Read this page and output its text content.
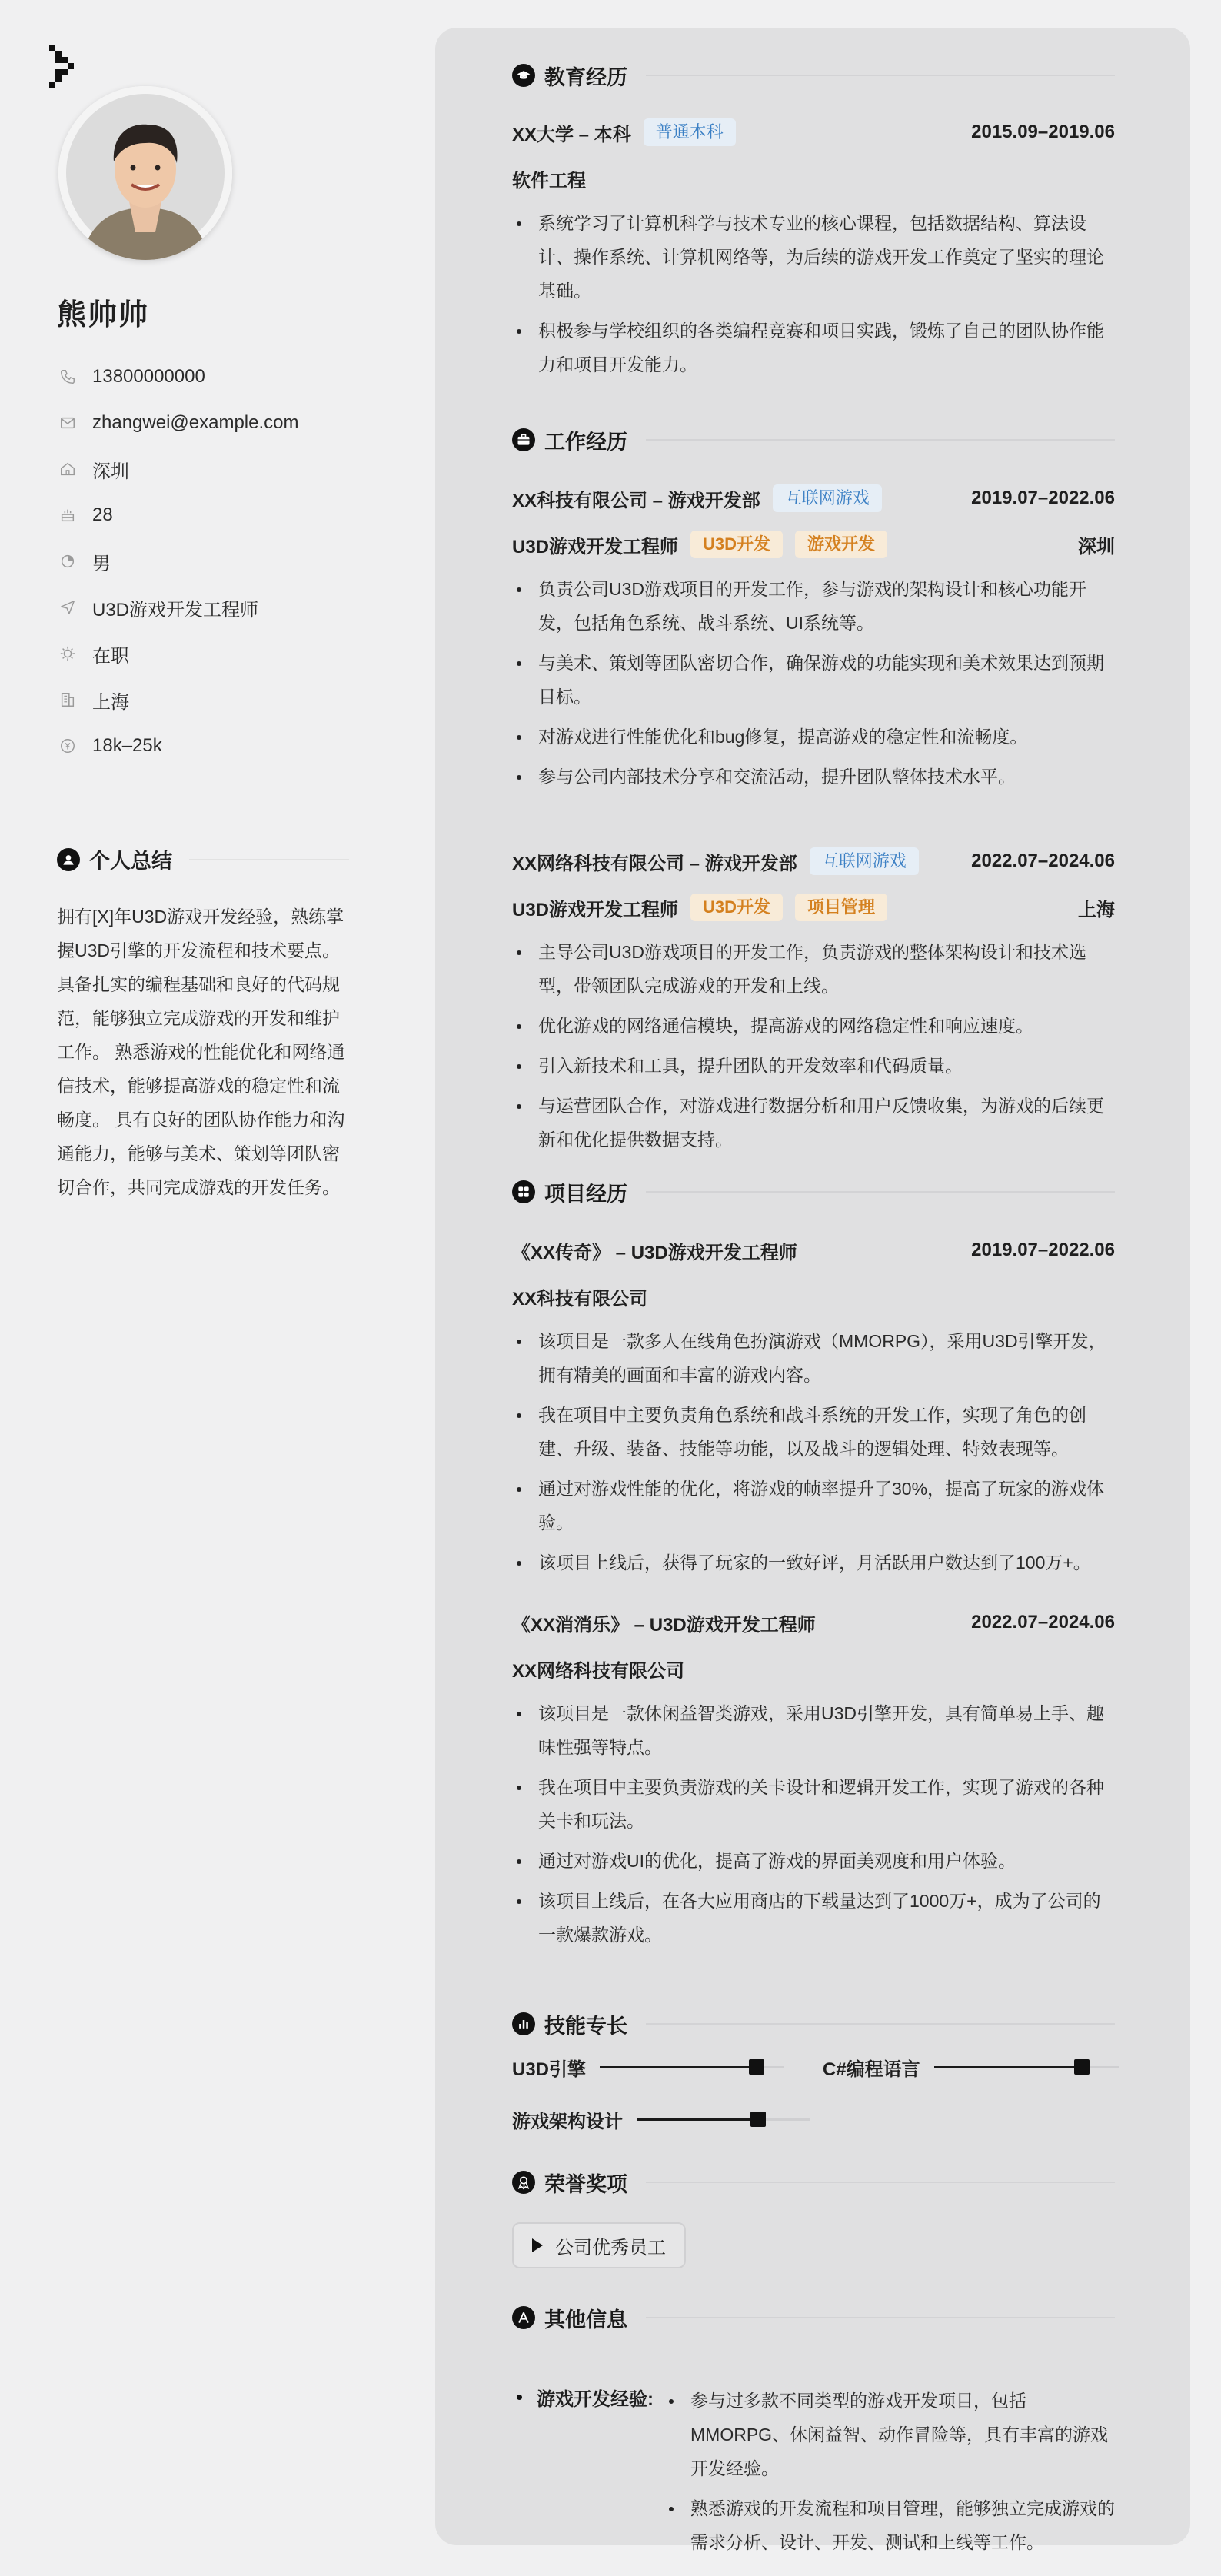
熊帅帅
13800000000
zhangwei@example.com
深圳
28
男
U3D游戏开发工程师
在职
上海
18k–25k
个人总结
拥有[X]年U3D游戏开发经验，熟练掌握U3D引擎的开发流程和技术要点。 具备扎实的编程基础和良好的代码规范，能够独立完成游戏的开发和维护工作。 熟悉游戏的性能优化和网络通信技术，能够提高游戏的稳定性和流畅度。 具有良好的团队协作能力和沟通能力，能够与美术、策划等团队密切合作，共同完成游戏的开发任务。
教育经历
XX大学 – 本科	普通本科	2015.09–2019.06
软件工程
系统学习了计算机科学与技术专业的核心课程，包括数据结构、算法设计、操作系统、计算机网络等，为后续的游戏开发工作奠定了坚实的理论基础。
积极参与学校组织的各类编程竞赛和项目实践，锻炼了自己的团队协作能力和项目开发能力。
工作经历
XX科技有限公司 – 游戏开发部	互联网游戏	2019.07–2022.06
U3D游戏开发工程师	U3D开发	游戏开发	深圳
负责公司U3D游戏项目的开发工作，参与游戏的架构设计和核心功能开发，包括角色系统、战斗系统、UI系统等。
与美术、策划等团队密切合作，确保游戏的功能实现和美术效果达到预期目标。
对游戏进行性能优化和bug修复，提高游戏的稳定性和流畅度。
参与公司内部技术分享和交流活动，提升团队整体技术水平。
XX网络科技有限公司 – 游戏开发部	互联网游戏	2022.07–2024.06
U3D游戏开发工程师	U3D开发	项目管理	上海
主导公司U3D游戏项目的开发工作，负责游戏的整体架构设计和技术选型，带领团队完成游戏的开发和上线。
优化游戏的网络通信模块，提高游戏的网络稳定性和响应速度。
引入新技术和工具，提升团队的开发效率和代码质量。
与运营团队合作，对游戏进行数据分析和用户反馈收集，为游戏的后续更新和优化提供数据支持。
项目经历
《XX传奇》 – U3D游戏开发工程师	2019.07–2022.06
XX科技有限公司
该项目是一款多人在线角色扮演游戏（MMORPG），采用U3D引擎开发，拥有精美的画面和丰富的游戏内容。
我在项目中主要负责角色系统和战斗系统的开发工作，实现了角色的创建、升级、装备、技能等功能，以及战斗的逻辑处理、特效表现等。
通过对游戏性能的优化，将游戏的帧率提升了30%，提高了玩家的游戏体验。
该项目上线后，获得了玩家的一致好评，月活跃用户数达到了100万+。
《XX消消乐》 – U3D游戏开发工程师	2022.07–2024.06
XX网络科技有限公司
该项目是一款休闲益智类游戏，采用U3D引擎开发，具有简单易上手、趣味性强等特点。
我在项目中主要负责游戏的关卡设计和逻辑开发工作，实现了游戏的各种关卡和玩法。
通过对游戏UI的优化，提高了游戏的界面美观度和用户体验。
该项目上线后，在各大应用商店的下载量达到了1000万+，成为了公司的一款爆款游戏。
技能专长
U3D引擎	C#编程语言
游戏架构设计
荣誉奖项
公司优秀员工
其他信息
游戏开发经验:	参与过多款不同类型的游戏开发项目，包括MMORPG、休闲益智、动作冒险等，具有丰富的游戏开发经验。
熟悉游戏的开发流程和项目管理，能够独立完成游戏的需求分析、设计、开发、测试和上线等工作。
